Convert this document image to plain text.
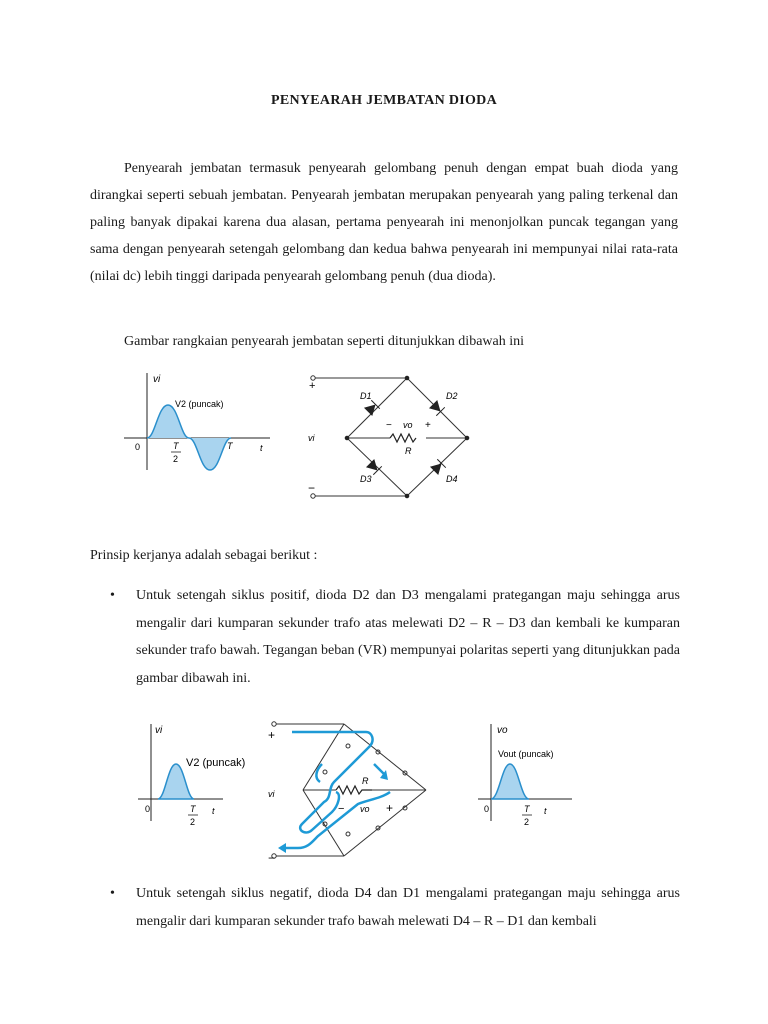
PENYEARAH JEMBATAN DIODA
Penyearah jembatan termasuk penyearah gelombang penuh dengan empat buah dioda yang dirangkai seperti sebuah jembatan. Penyearah jembatan merupakan penyearah yang paling terkenal dan paling banyak dipakai karena dua alasan, pertama penyearah ini menonjolkan puncak tegangan yang sama dengan penyearah setengah gelombang dan kedua bahwa penyearah ini mempunyai nilai rata-rata (nilai dc) lebih tinggi daripada penyearah gelombang penuh (dua dioda).
Gambar rangkaian penyearah jembatan seperti ditunjukkan dibawah ini
vi
V2 (puncak)
0	T
2
T	t
+
−
vi
D1	D2
D3	D4
R
− vo +
Prinsip kerjanya adalah sebagai berikut :
•	Untuk setengah siklus positif, dioda D2 dan D3 mengalami prategangan maju sehingga arus mengalir dari kumparan sekunder trafo atas melewati D2 – R – D3 dan kembali ke kumparan sekunder trafo bawah. Tegangan beban (VR) mempunyai polaritas seperti yang ditunjukkan pada gambar dibawah ini.
vi
V2 (puncak)
0	T
2
t
+
−
vi
R
− vo +
vo
Vout (puncak)
0	T
2
t
•	Untuk setengah siklus negatif, dioda D4 dan D1 mengalami prategangan maju sehingga arus mengalir dari kumparan sekunder trafo bawah melewati D4 – R – D1 dan kembali
